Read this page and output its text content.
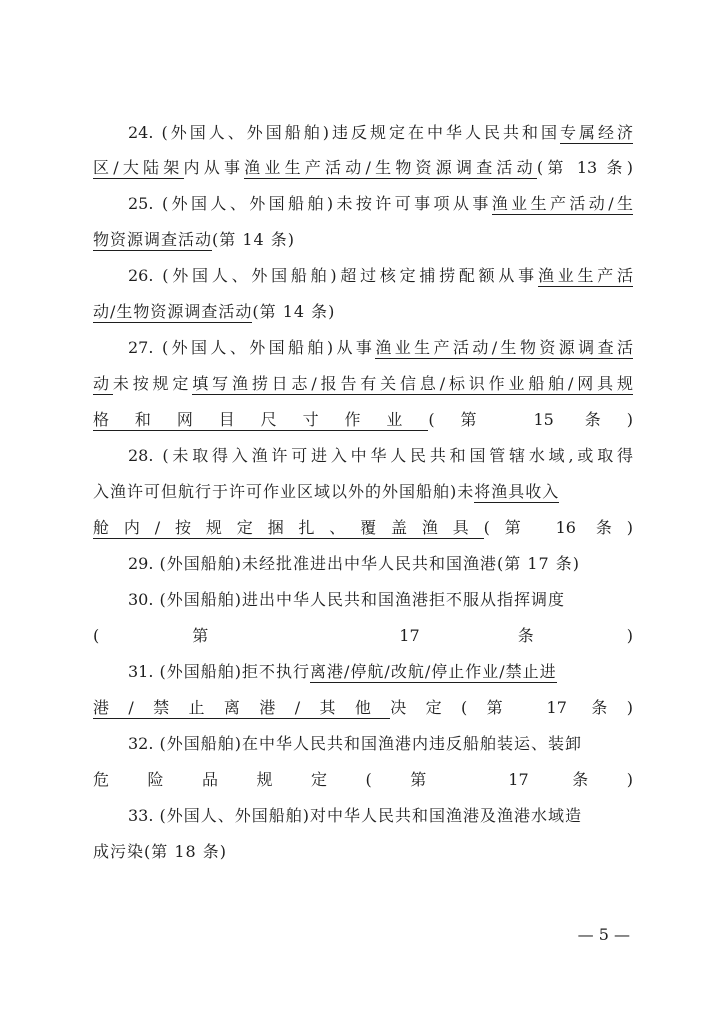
24. (外国人、外国船舶)违反规定在中华人民共和国专属经济
区/大陆架内从事渔业生产活动/生物资源调查活动(第 13 条)
25. (外国人、外国船舶)未按许可事项从事渔业生产活动/生
物资源调查活动(第 14 条)
26. (外国人、外国船舶)超过核定捕捞配额从事渔业生产活
动/生物资源调查活动(第 14 条)
27. (外国人、外国船舶)从事渔业生产活动/生物资源调查活
动未按规定填写渔捞日志/报告有关信息/标识作业船舶/网具规
格和网目尺寸作业(第 15 条)
28. (未取得入渔许可进入中华人民共和国管辖水域,或取得
入渔许可但航行于许可作业区域以外的外国船舶)未将渔具收入
舱内/按规定捆扎、覆盖渔具(第 16 条)
29. (外国船舶)未经批准进出中华人民共和国渔港(第 17 条)
30. (外国船舶)进出中华人民共和国渔港拒不服从指挥调度
(第 17 条)
31. (外国船舶)拒不执行离港/停航/改航/停止作业/禁止进
港/禁止离港/其他决定(第 17 条)
32. (外国船舶)在中华人民共和国渔港内违反船舶装运、装卸
危险品规定(第 17 条)
33. (外国人、外国船舶)对中华人民共和国渔港及渔港水域造
成污染(第 18 条)
— 5 —
